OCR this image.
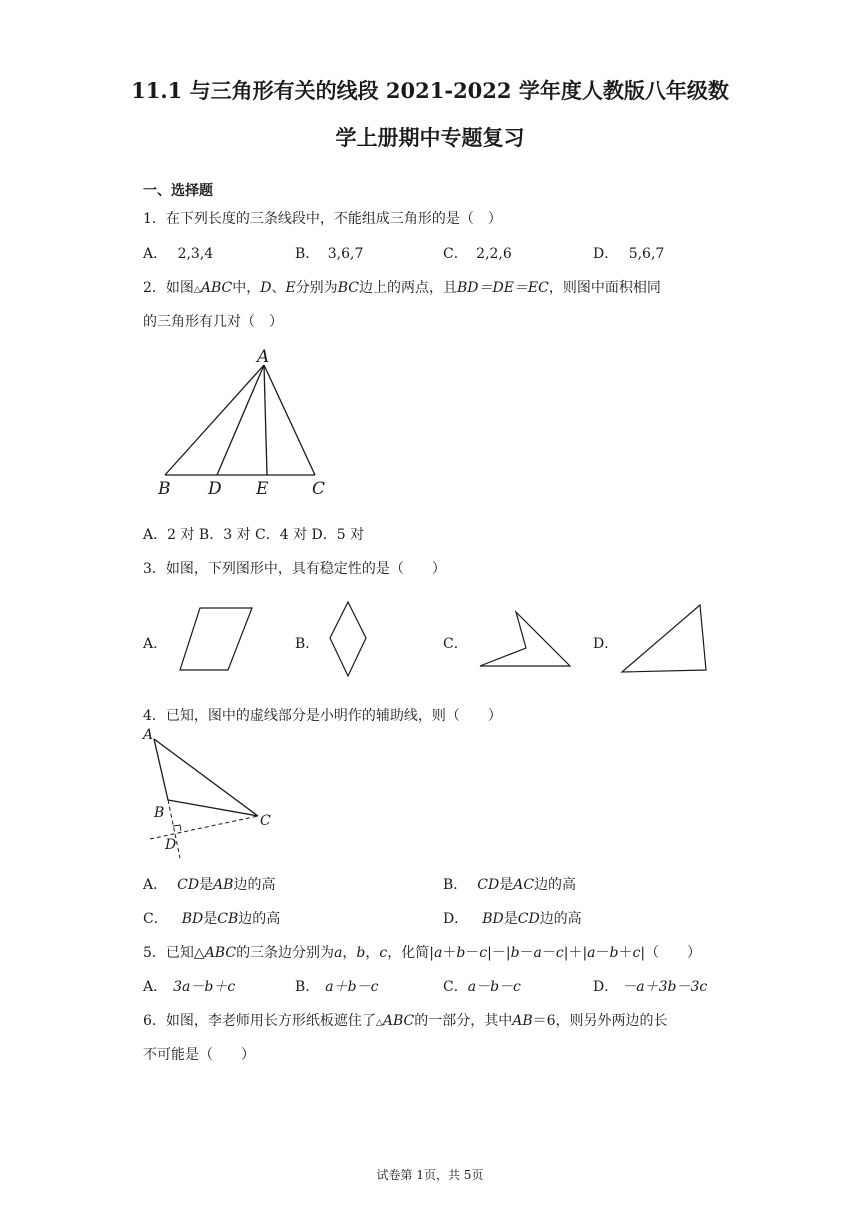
11.1 与三角形有关的线段 2021-2022 学年度人教版八年级数
学上册期中专题复习
一、选择题
1．在下列长度的三条线段中，不能组成三角形的是（　）
A． 2,3,4	B． 3,6,7	C． 2,2,6	D． 5,6,7
2．如图△ABC中，D、E分别为BC边上的两点，且BD＝DE＝EC，则图中面积相同
的三角形有几对（　）
A
B D E	C
A．2 对 B．3 对 C．4 对 D．5 对
3．如图，下列图形中，具有稳定性的是（　　）
A．	B．	C．	D．
4．已知，图中的虚线部分是小明作的辅助线，则（　　）
A
B	C
D
A． CD是AB边的高	B． CD是AC边的高
C． BD是CB边的高	D． BD是CD边的高
5．已知△ABC的三条边分别为a，b，c，化简|a＋b－c|－|b－a－c|＋|a－b＋c|（　　）
A． 3a－b＋c	B． a＋b－c	C．a－b－c	D． －a＋3b－3c
6．如图，李老师用长方形纸板遮住了△ABC的一部分，其中AB＝6，则另外两边的长
不可能是（　　）
试卷第 1页，共 5页
